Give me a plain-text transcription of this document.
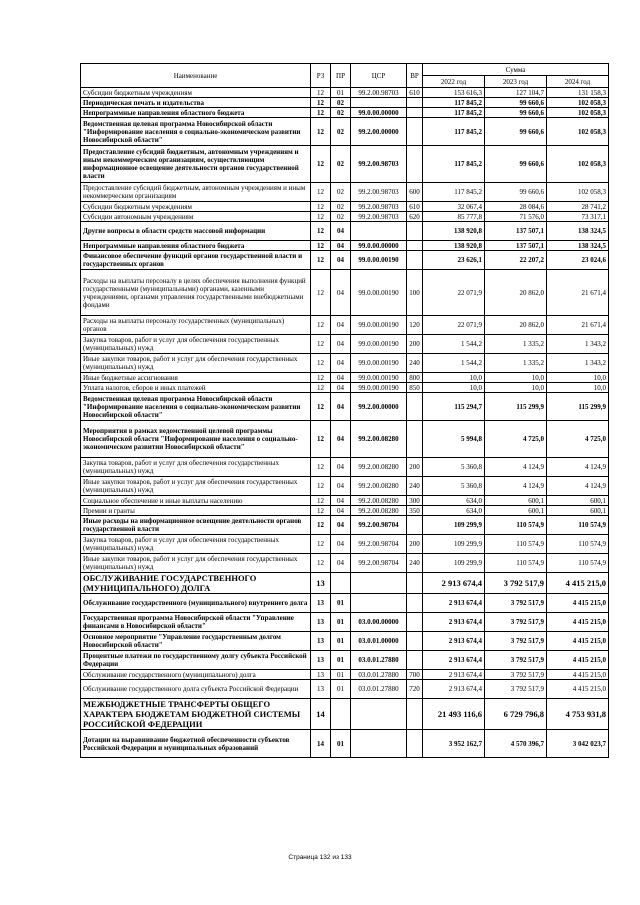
Наименование	РЗ	ПР	ЦСР	ВР	Сумма		
					2022 год	2023 год	2024 год
Субсидии бюджетным учреждениям	12	01	99.2.00.98703	610	153 616,3	127 104,7	131 158,3
Периодическая печать и издательства	12	02			117 845,2	99 660,6	102 058,3
Непрограммные направления областного бюджета	12	02	99.0.00.00000		117 845,2	99 660,6	102 058,3
Ведомственная целевая программа Новосибирской области "Информирование населения о социально-экономическом развитии Новосибирской области"	12	02	99.2.00.00000		117 845,2	99 660,6	102 058,3
Предоставление субсидий бюджетным, автономным учреждениям и иным некоммерческим организациям, осуществляющим информационное освещение деятельности органов государственной власти	12	02	99.2.00.98703		117 845,2	99 660,6	102 058,3
Предоставление субсидий бюджетным, автономным учреждениям и иным некоммерческим организациям	12	02	99.2.00.98703	600	117 845,2	99 660,6	102 058,3
Субсидии бюджетным учреждениям	12	02	99.2.00.98703	610	32 067,4	28 084,6	28 741,2
Субсидии автономным учреждениям	12	02	99.2.00.98703	620	85 777,8	71 576,0	73 317,1
Другие вопросы в области средств массовой информации	12	04			138 920,8	137 507,1	138 324,5
Непрограммные направления областного бюджета	12	04	99.0.00.00000		138 920,8	137 507,1	138 324,5
Финансовое обеспечение функций органов государственной власти и государственных органов	12	04	99.0.00.00190		23 626,1	22 207,2	23 024,6
Расходы на выплаты персоналу в целях обеспечения выполнения функций государственными (муниципальными) органами, казенными учреждениями, органами управления государственными внебюджетными фондами	12	04	99.0.00.00190	100	22 071,9	20 862,0	21 671,4
Расходы на выплаты персоналу государственных (муниципальных) органов	12	04	99.0.00.00190	120	22 071,9	20 862,0	21 671,4
Закупка товаров, работ и услуг для обеспечения государственных (муниципальных) нужд	12	04	99.0.00.00190	200	1 544,2	1 335,2	1 343,2
Иные закупки товаров, работ и услуг для обеспечения государственных (муниципальных) нужд	12	04	99.0.00.00190	240	1 544,2	1 335,2	1 343,2
Иные бюджетные ассигнования	12	04	99.0.00.00190	800	10,0	10,0	10,0
Уплата налогов, сборов и иных платежей	12	04	99.0.00.00190	850	10,0	10,0	10,0
Ведомственная целевая программа Новосибирской области "Информирование населения о социально-экономическом развитии Новосибирской области"	12	04	99.2.00.00000		115 294,7	115 299,9	115 299,9
Мероприятия в рамках ведомственной целевой программы Новосибирской области "Информирование населения о социально-экономическом развитии Новосибирской области"	12	04	99.2.00.08280		5 994,8	4 725,0	4 725,0
Закупка товаров, работ и услуг для обеспечения государственных (муниципальных) нужд	12	04	99.2.00.08280	200	5 360,8	4 124,9	4 124,9
Иные закупки товаров, работ и услуг для обеспечения государственных (муниципальных) нужд	12	04	99.2.00.08280	240	5 360,8	4 124,9	4 124,9
Социальное обеспечение и иные выплаты населению	12	04	99.2.00.08280	300	634,0	600,1	600,1
Премии и гранты	12	04	99.2.00.08280	350	634,0	600,1	600,1
Иные расходы на информационное освещение деятельности органов государственной власти	12	04	99.2.00.98704		109 299,9	110 574,9	110 574,9
Закупка товаров, работ и услуг для обеспечения государственных (муниципальных) нужд	12	04	99.2.00.98704	200	109 299,9	110 574,9	110 574,9
Иные закупки товаров, работ и услуг для обеспечения государственных (муниципальных) нужд	12	04	99.2.00.98704	240	109 299,9	110 574,9	110 574,9
ОБСЛУЖИВАНИЕ ГОСУДАРСТВЕННОГО (МУНИЦИПАЛЬНОГО) ДОЛГА	13				2 913 674,4	3 792 517,9	4 415 215,0
Обслуживание государственного (муниципального) внутреннего долга	13	01			2 913 674,4	3 792 517,9	4 415 215,0
Государственная программа Новосибирской области "Управление финансами в Новосибирской области"	13	01	03.0.00.00000		2 913 674,4	3 792 517,9	4 415 215,0
Основное мероприятие "Управление государственным долгом Новосибирской области"	13	01	03.0.01.00000		2 913 674,4	3 792 517,9	4 415 215,0
Процентные платежи по государственному долгу субъекта Российской Федерации	13	01	03.0.01.27880		2 913 674,4	3 792 517,9	4 415 215,0
Обслуживание государственного (муниципального) долга	13	01	03.0.01.27880	700	2 913 674,4	3 792 517,9	4 415 215,0
Обслуживание государственного долга субъекта Российской Федерации	13	01	03.0.01.27880	720	2 913 674,4	3 792 517,9	4 415 215,0
МЕЖБЮДЖЕТНЫЕ ТРАНСФЕРТЫ ОБЩЕГО ХАРАКТЕРА БЮДЖЕТАМ БЮДЖЕТНОЙ СИСТЕМЫ РОССИЙСКОЙ ФЕДЕРАЦИИ	14				21 493 116,6	6 729 796,8	4 753 931,8
Дотации на выравнивание бюджетной обеспеченности субъектов Российской Федерации и муниципальных образований	14	01			3 952 162,7	4 570 396,7	3 042 023,7
Страница 132 из 133
